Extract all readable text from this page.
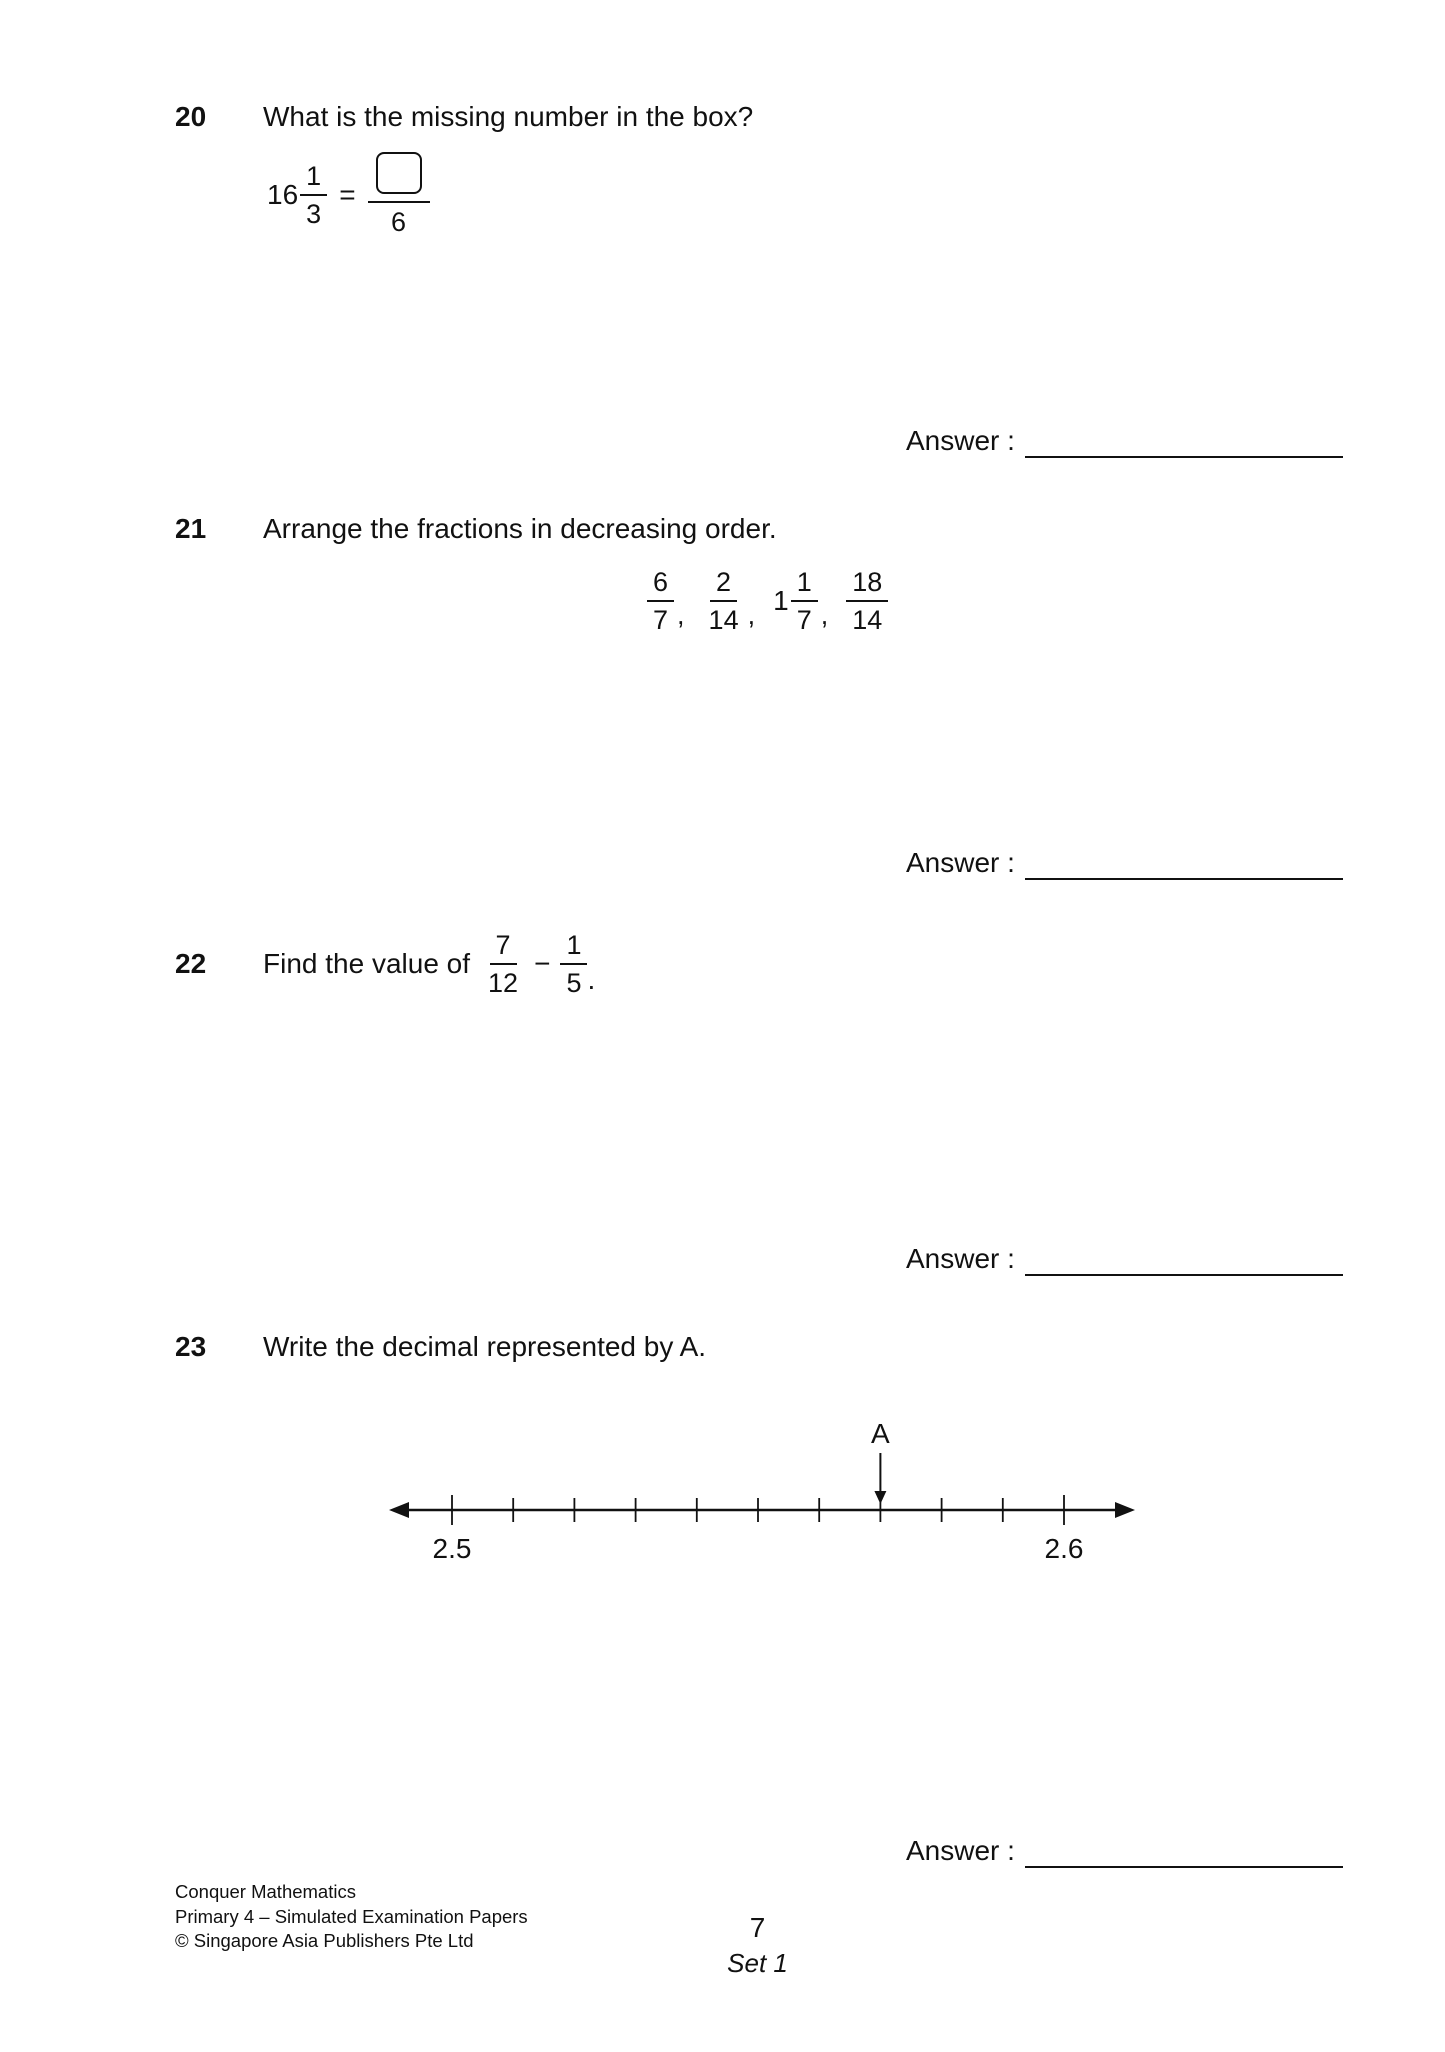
20	What is the missing number in the box?
$16 \frac{1}{3}$ =
6
Answer :
21	Arrange the fractions in decreasing order.
$\frac{6}{7}$ , $\frac{2}{14}$ , $1 \frac{1}{7}$ , $\frac{18}{14}$
Answer :
22	Find the value of $\frac{7}{12} - \frac{1}{5}$ .
Answer :
23	Write the decimal represented by A.
2.5	2.6
A
Answer :
Conquer Mathematics
Primary 4 – Simulated Examination Papers
© Singapore Asia Publishers Pte Ltd	7
Set 1
